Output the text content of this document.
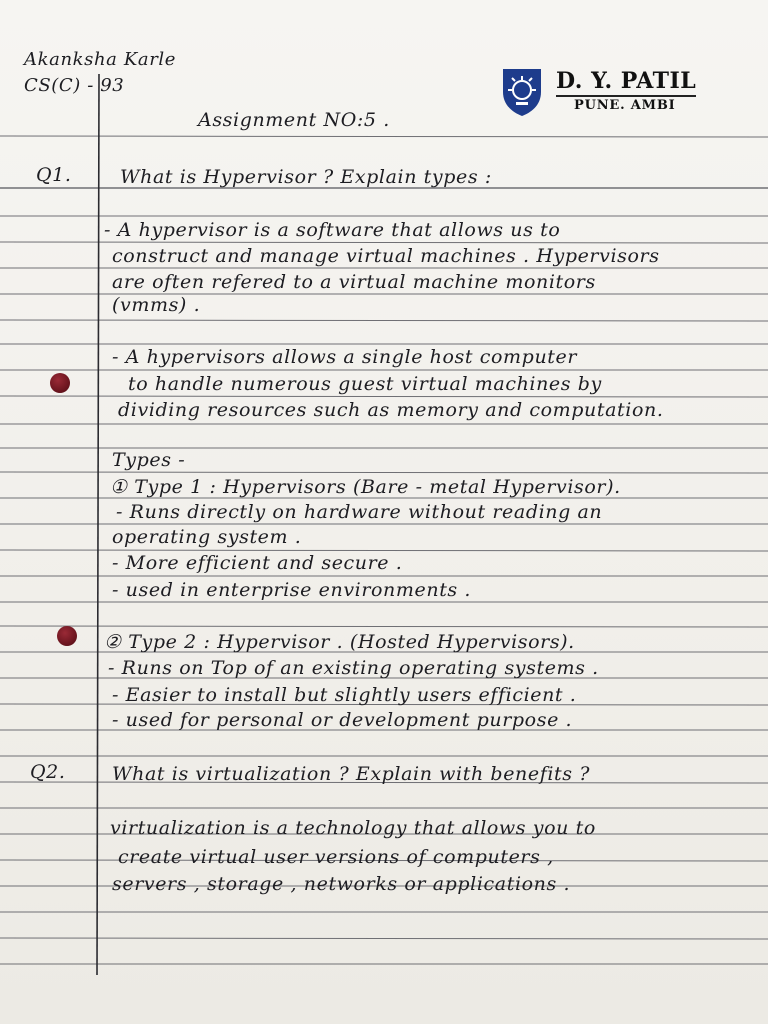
Akanksha Karle
CS(C) - 93
Assignment NO:5 .
D. Y. PATIL
PUNE. AMBI
Q1.	What is Hypervisor ? Explain types :
- A hypervisor is a software that allows us to
construct and manage virtual machines . Hypervisors
are often refered to a virtual machine monitors
(vmms) .
- A hypervisors allows a single host computer
to handle numerous guest virtual machines by
dividing resources such as memory and computation.
Types -
① Type 1 : Hypervisors (Bare - metal Hypervisor).
- Runs directly on hardware without reading an
operating system .
- More efficient and secure .
- used in enterprise environments .
② Type 2 : Hypervisor . (Hosted Hypervisors).
- Runs on Top of an existing operating systems .
- Easier to install but slightly users efficient .
- used for personal or development purpose .
Q2. What is virtualization ? Explain with benefits ?
virtualization is a technology that allows you to
create virtual user versions of computers ,
servers , storage , networks or applications .
